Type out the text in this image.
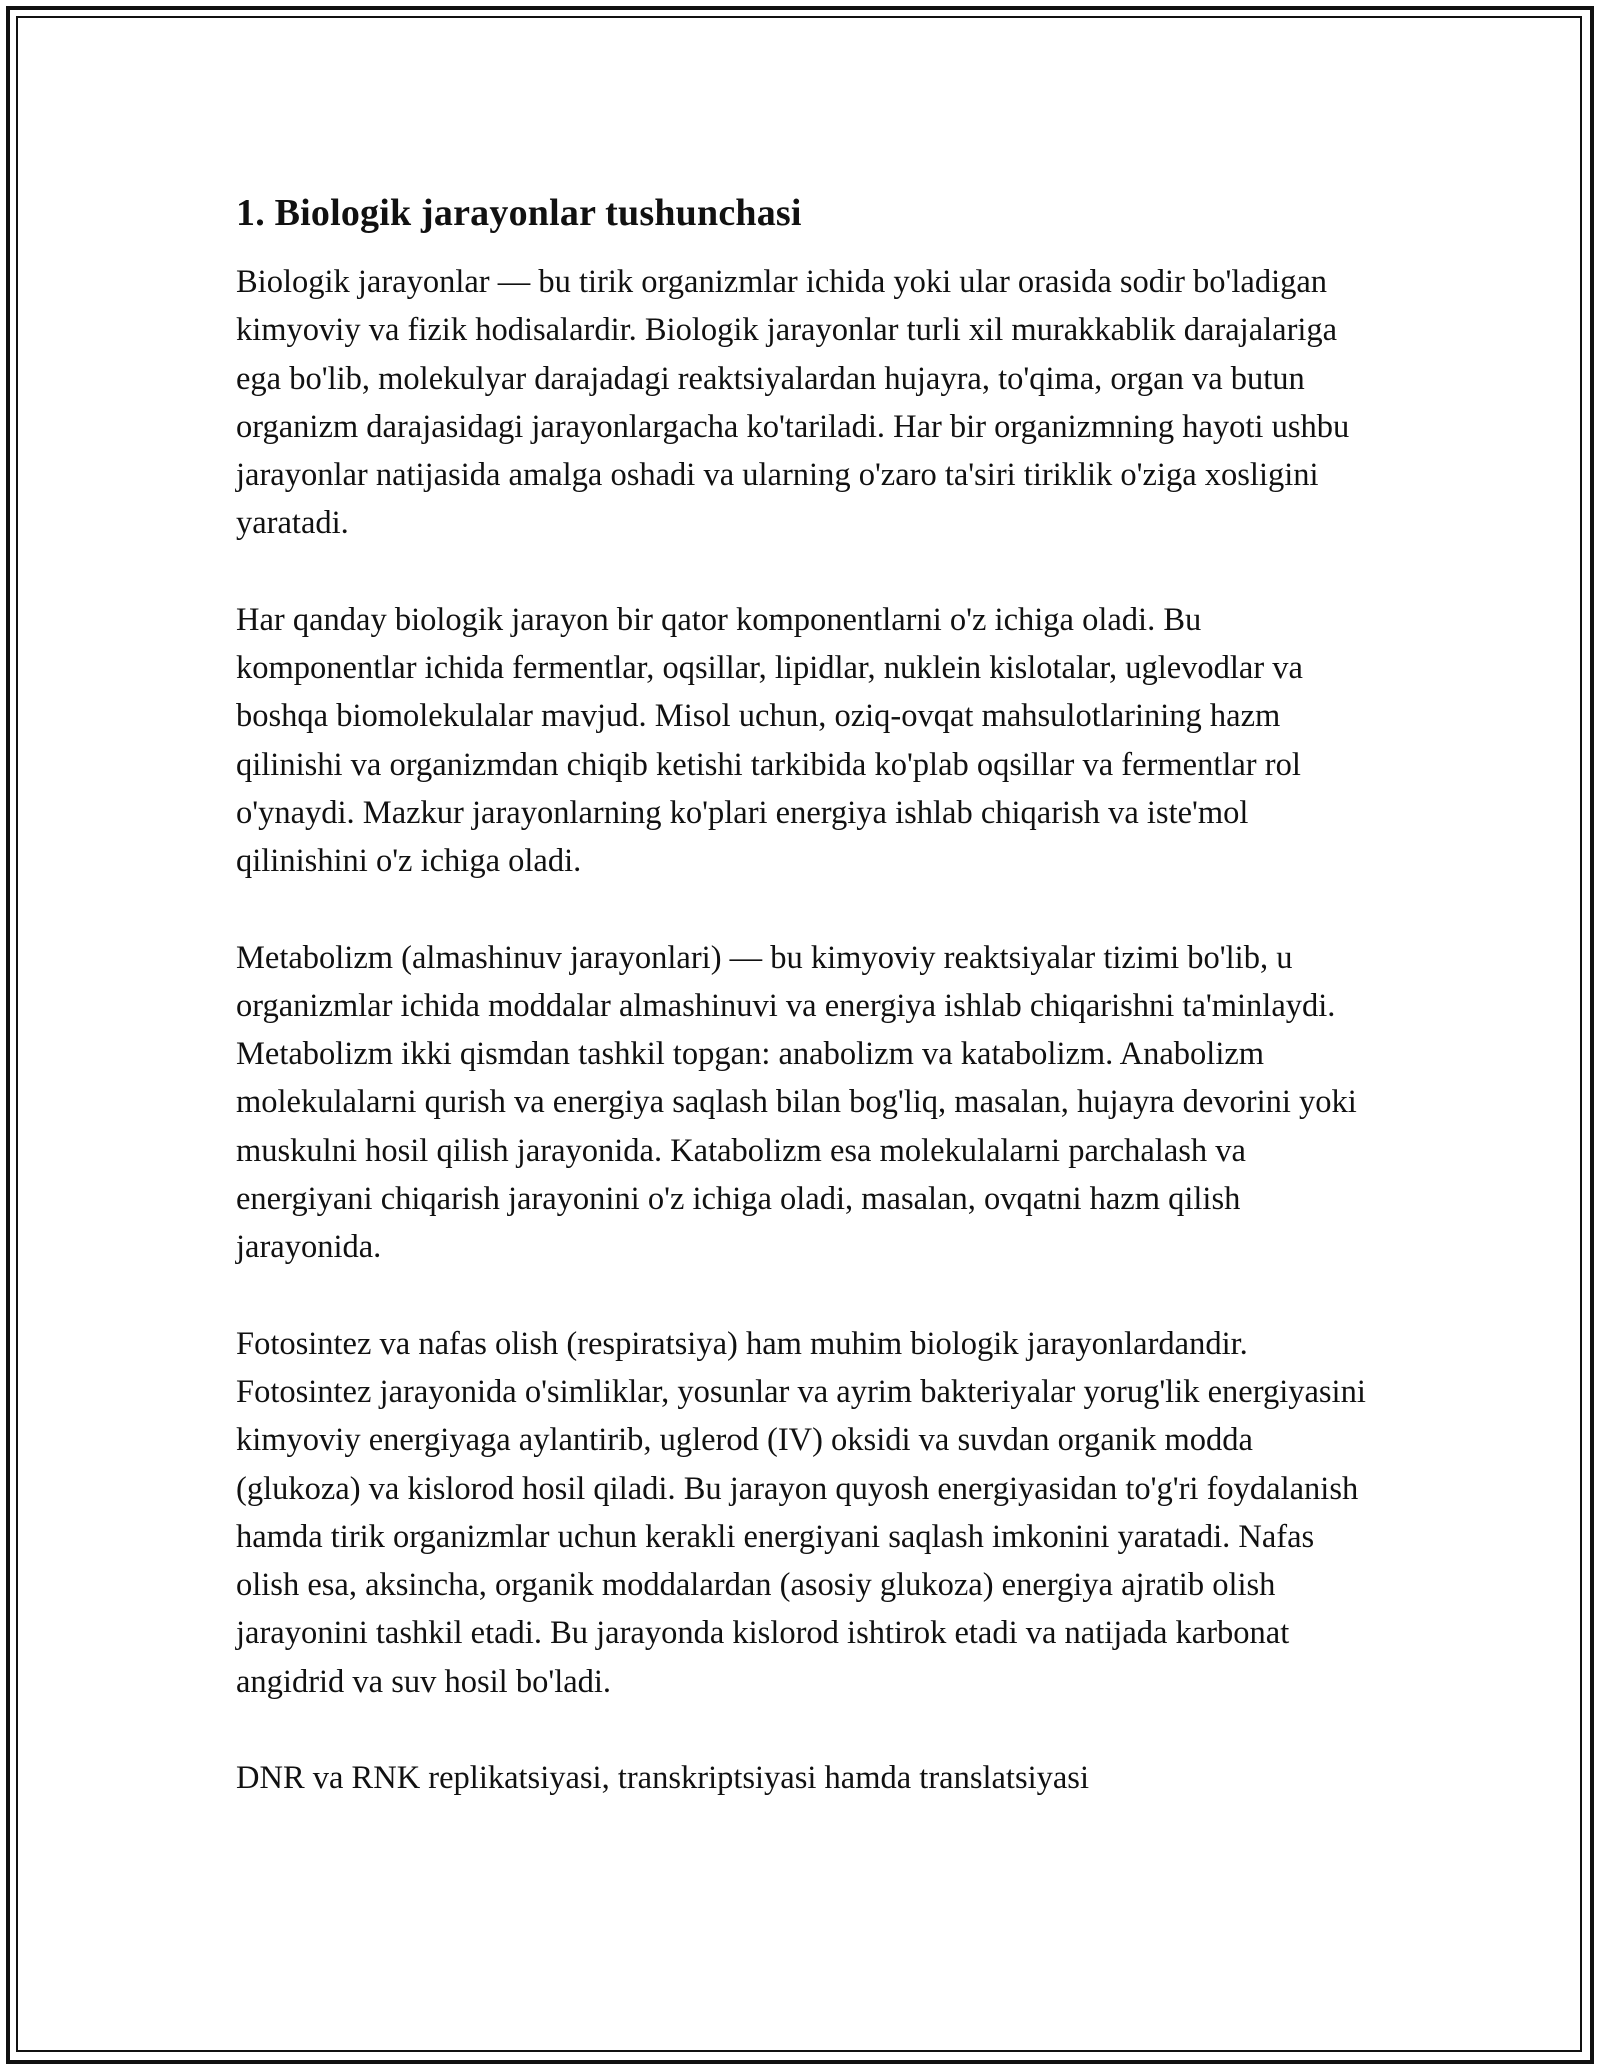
1. Biologik jarayonlar tushunchasi

Biologik jarayonlar — bu tirik organizmlar ichida yoki ular orasida sodir bo'ladigan kimyoviy va fizik hodisalardir. Biologik jarayonlar turli xil murakkablik darajalariga ega bo'lib, molekulyar darajadagi reaktsiyalardan hujayra, to'qima, organ va butun organizm darajasidagi jarayonlargacha ko'tariladi. Har bir organizmning hayoti ushbu jarayonlar natijasida amalga oshadi va ularning o'zaro ta'siri tiriklik o'ziga xosligini yaratadi.

Har qanday biologik jarayon bir qator komponentlarni o'z ichiga oladi. Bu komponentlar ichida fermentlar, oqsillar, lipidlar, nuklein kislotalar, uglevodlar va boshqa biomolekulalar mavjud. Misol uchun, oziq-ovqat mahsulotlarining hazm qilinishi va organizmdan chiqib ketishi tarkibida ko'plab oqsillar va fermentlar rol o'ynaydi. Mazkur jarayonlarning ko'plari energiya ishlab chiqarish va iste'mol qilinishini o'z ichiga oladi.

Metabolizm (almashinuv jarayonlari) — bu kimyoviy reaktsiyalar tizimi bo'lib, u organizmlar ichida moddalar almashinuvi va energiya ishlab chiqarishni ta'minlaydi. Metabolizm ikki qismdan tashkil topgan: anabolizm va katabolizm. Anabolizm molekulalarni qurish va energiya saqlash bilan bog'liq, masalan, hujayra devorini yoki muskulni hosil qilish jarayonida. Katabolizm esa molekulalarni parchalash va energiyani chiqarish jarayonini o'z ichiga oladi, masalan, ovqatni hazm qilish jarayonida.

Fotosintez va nafas olish (respiratsiya) ham muhim biologik jarayonlardandir. Fotosintez jarayonida o'simliklar, yosunlar va ayrim bakteriyalar yorug'lik energiyasini kimyoviy energiyaga aylantirib, uglerod (IV) oksidi va suvdan organik modda (glukoza) va kislorod hosil qiladi. Bu jarayon quyosh energiyasidan to'g'ri foydalanish hamda tirik organizmlar uchun kerakli energiyani saqlash imkonini yaratadi. Nafas olish esa, aksincha, organik moddalardan (asosiy glukoza) energiya ajratib olish jarayonini tashkil etadi. Bu jarayonda kislorod ishtirok etadi va natijada karbonat angidrid va suv hosil bo'ladi.

DNR va RNK replikatsiyasi, transkriptsiyasi hamda translatsiyasi
